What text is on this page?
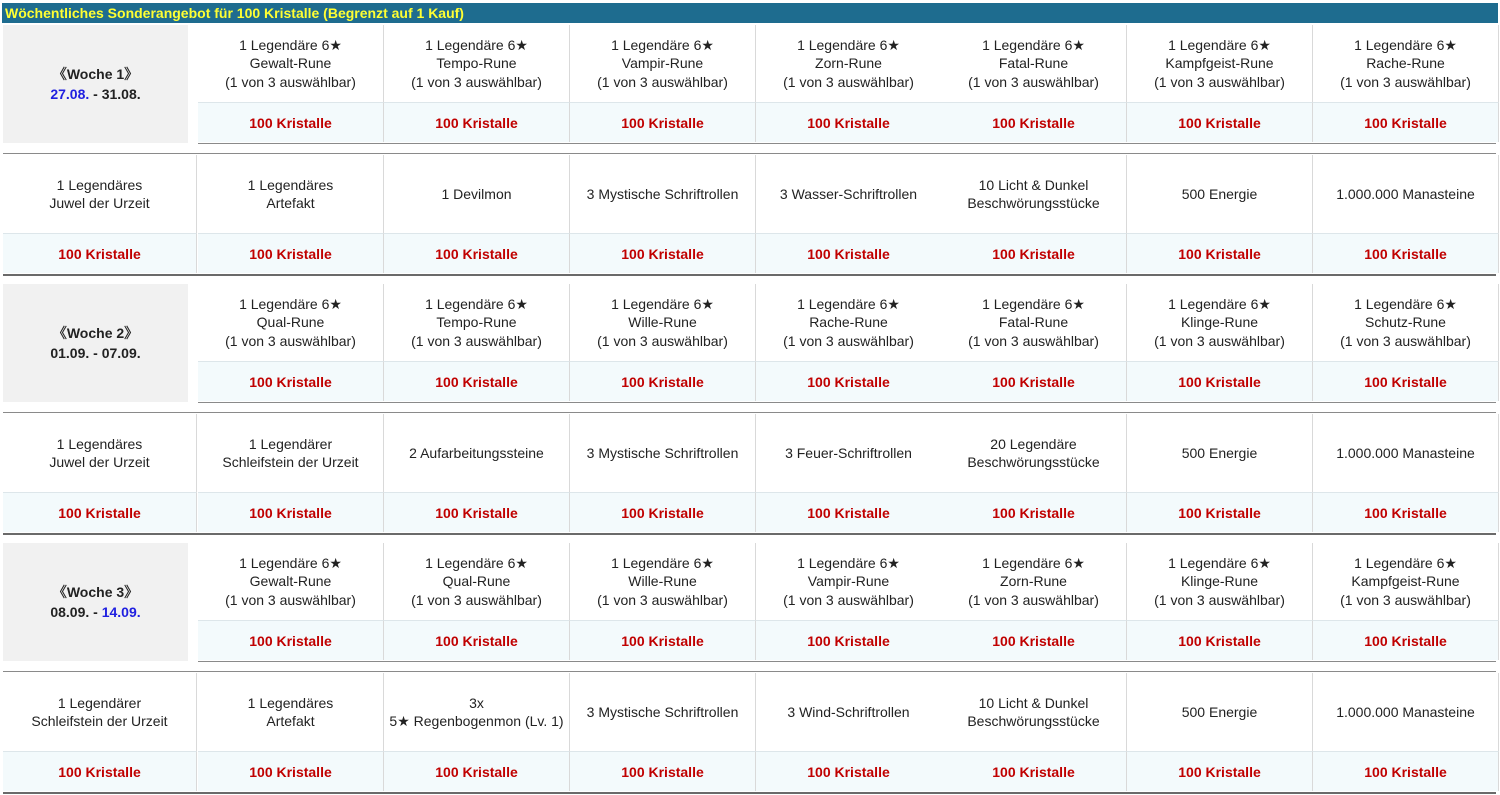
Wöchentliches Sonderangebot für 100 Kristalle (Begrenzt auf 1 Kauf)
《Woche 1》
27.08. - 31.08.
1 Legendäre 6★
Gewalt-Rune
(1 von 3 auswählbar)
100 Kristalle
1 Legendäre 6★
Tempo-Rune
(1 von 3 auswählbar)
100 Kristalle
1 Legendäre 6★
Vampir-Rune
(1 von 3 auswählbar)
100 Kristalle
1 Legendäre 6★
Zorn-Rune
(1 von 3 auswählbar)
100 Kristalle
1 Legendäre 6★
Fatal-Rune
(1 von 3 auswählbar)
100 Kristalle
1 Legendäre 6★
Kampfgeist-Rune
(1 von 3 auswählbar)
100 Kristalle
1 Legendäre 6★
Rache-Rune
(1 von 3 auswählbar)
100 Kristalle
1 Legendäres
Juwel der Urzeit
100 Kristalle
1 Legendäres
Artefakt
100 Kristalle
1 Devilmon
100 Kristalle
3 Mystische Schriftrollen
100 Kristalle
3 Wasser-Schriftrollen
100 Kristalle
10 Licht & Dunkel
Beschwörungsstücke
100 Kristalle
500 Energie
100 Kristalle
1.000.000 Manasteine
100 Kristalle
《Woche 2》
01.09. - 07.09.
1 Legendäre 6★
Qual-Rune
(1 von 3 auswählbar)
100 Kristalle
1 Legendäre 6★
Tempo-Rune
(1 von 3 auswählbar)
100 Kristalle
1 Legendäre 6★
Wille-Rune
(1 von 3 auswählbar)
100 Kristalle
1 Legendäre 6★
Rache-Rune
(1 von 3 auswählbar)
100 Kristalle
1 Legendäre 6★
Fatal-Rune
(1 von 3 auswählbar)
100 Kristalle
1 Legendäre 6★
Klinge-Rune
(1 von 3 auswählbar)
100 Kristalle
1 Legendäre 6★
Schutz-Rune
(1 von 3 auswählbar)
100 Kristalle
1 Legendäres
Juwel der Urzeit
100 Kristalle
1 Legendärer
Schleifstein der Urzeit
100 Kristalle
2 Aufarbeitungssteine
100 Kristalle
3 Mystische Schriftrollen
100 Kristalle
3 Feuer-Schriftrollen
100 Kristalle
20 Legendäre
Beschwörungsstücke
100 Kristalle
500 Energie
100 Kristalle
1.000.000 Manasteine
100 Kristalle
《Woche 3》
08.09. - 14.09.
1 Legendäre 6★
Gewalt-Rune
(1 von 3 auswählbar)
100 Kristalle
1 Legendäre 6★
Qual-Rune
(1 von 3 auswählbar)
100 Kristalle
1 Legendäre 6★
Wille-Rune
(1 von 3 auswählbar)
100 Kristalle
1 Legendäre 6★
Vampir-Rune
(1 von 3 auswählbar)
100 Kristalle
1 Legendäre 6★
Zorn-Rune
(1 von 3 auswählbar)
100 Kristalle
1 Legendäre 6★
Klinge-Rune
(1 von 3 auswählbar)
100 Kristalle
1 Legendäre 6★
Kampfgeist-Rune
(1 von 3 auswählbar)
100 Kristalle
1 Legendärer
Schleifstein der Urzeit
100 Kristalle
1 Legendäres
Artefakt
100 Kristalle
3x
5★ Regenbogenmon (Lv. 1)
100 Kristalle
3 Mystische Schriftrollen
100 Kristalle
3 Wind-Schriftrollen
100 Kristalle
10 Licht & Dunkel
Beschwörungsstücke
100 Kristalle
500 Energie
100 Kristalle
1.000.000 Manasteine
100 Kristalle
